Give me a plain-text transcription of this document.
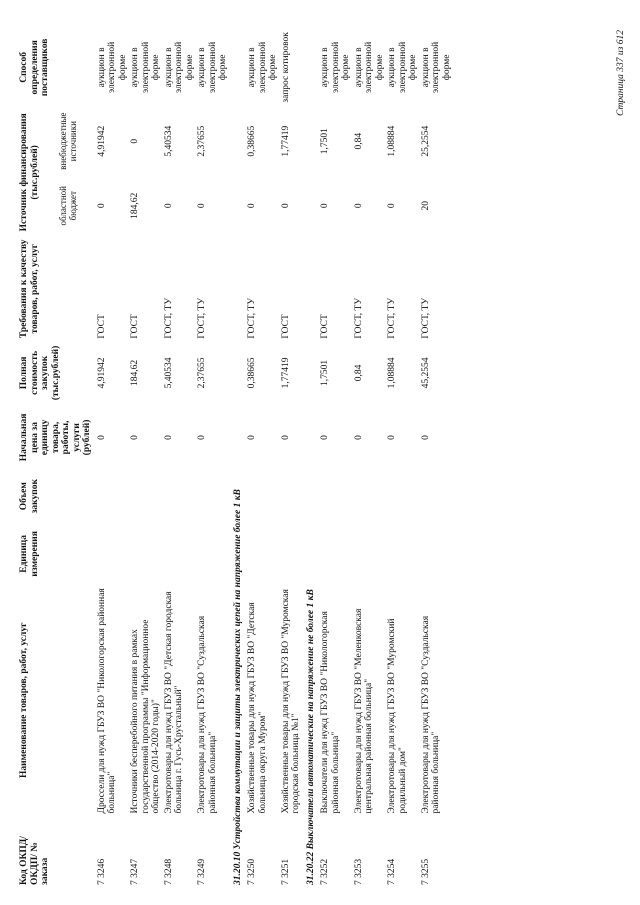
Код ОКПД/ ОКДП/ № заказа	Наименование товаров, работ, услуг	Единица измерения	Объем закупок	Начальная цена за единицу товара, работы, услуги (рублей)	Полная стоимость закупок (тыс.рублей)	Требования к качеству товаров, работ, услуг	Источник финансирования (тыс.рублей)		Способ определения поставщиков
							областной бюджет	внебюджетные источники	
7 3246	Дроссели для нужд ГБУЗ ВО "Никологорская районная больница"			0	4,91942	ГОСТ	0	4,91942	аукцион в электронной форме
7 3247	Источники бесперебойного питания в рамках государственной программы "Информационное общество (2014-2020 годы)"			0	184,62	ГОСТ	184,62	0	аукцион в электронной форме
7 3248	Электротовары для нужд ГБУЗ ВО "Детская городская больница г. Гусь-Хрустальный"			0	5,40534	ГОСТ, ТУ	0	5,40534	аукцион в электронной форме
7 3249	Электротовары для нужд ГБУЗ ВО "Суздальская районная больница"			0	2,37655	ГОСТ, ТУ	0	2,37655	аукцион в электронной форме
31.20.10 Устройства коммутации и защиты электрических цепей на напряжение более 1 кВ									
7 3250	Хозяйственные товары для нужд ГБУЗ ВО "Детская больница округа Муром"			0	0,38665	ГОСТ, ТУ	0	0,38665	аукцион в электронной форме
7 3251	Хозяйственные товары для нужд ГБУЗ ВО "Муромская городская больница №1"			0	1,77419	ГОСТ	0	1,77419	запрос котировок
31.20.22 Выключатели автоматические на напряжение не более 1 кВ									
7 3252	Выключатели для нужд ГБУЗ ВО "Никологорская районная больница"			0	1,7501	ГОСТ	0	1,7501	аукцион в электронной форме
7 3253	Электротовары для нужд ГБУЗ ВО "Меленковская центральная районная больница"			0	0,84	ГОСТ, ТУ	0	0,84	аукцион в электронной форме
7 3254	Электротовары для нужд ГБУЗ ВО "Муромский родильный дом"			0	1,08884	ГОСТ, ТУ	0	1,08884	аукцион в электронной форме
7 3255	Электротовары для нужд ГБУЗ ВО "Суздальская районная больница"			0	45,2554	ГОСТ, ТУ	20	25,2554	аукцион в электронной форме	Страница 337 из 612
